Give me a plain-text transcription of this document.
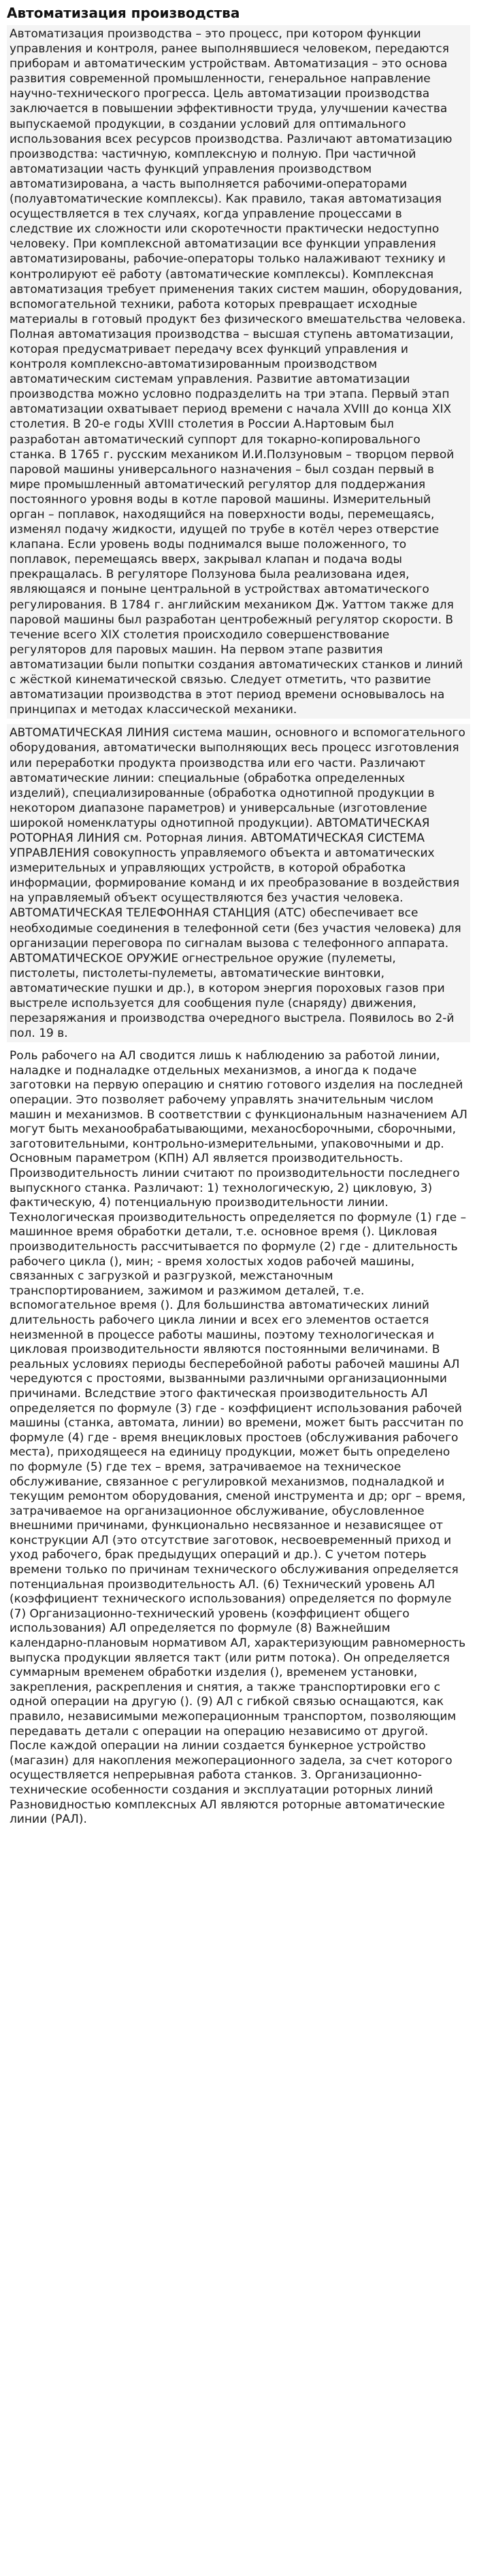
Автоматизация производства

Автоматизация производства – это процесс, при котором функции управления и контроля, ранее выполнявшиеся человеком, передаются приборам и автоматическим устройствам. Автоматизация – это основа развития современной промышленности, генеральное направление научно-технического прогресса. Цель автоматизации производства заключается в повышении эффективности труда, улучшении качества выпускаемой продукции, в создании условий для оптимального использования всех ресурсов производства. Различают автоматизацию производства: частичную, комплексную и полную. При частичной автоматизации часть функций управления производством автоматизирована, а часть выполняется рабочими-операторами (полуавтоматические комплексы). Как правило, такая автоматизация осуществляется в тех случаях, когда управление процессами в следствие их сложности или скоротечности практически недоступно человеку. При комплексной автоматизации все функции управления автоматизированы, рабочие-операторы только налаживают технику и контролируют её работу (автоматические комплексы). Комплексная автоматизация требует применения таких систем машин, оборудования, вспомогательной техники, работа которых превращает исходные материалы в готовый продукт без физического вмешательства человека. Полная автоматизация производства – высшая ступень автоматизации, которая предусматривает передачу всех функций управления и контроля комплексно-автоматизированным производством автоматическим системам управления. Развитие автоматизации производства можно условно подразделить на три этапа. Первый этап автоматизации охватывает период времени с начала XVIII до конца XIX столетия. В 20-е годы XVIII столетия в России А.Нартовым был разработан автоматический суппорт для токарно-копировального станка. В 1765 г. русским механиком И.И.Ползуновым – творцом первой паровой машины универсального назначения – был создан первый в мире промышленный автоматический регулятор для поддержания постоянного уровня воды в котле паровой машины. Измерительный орган – поплавок, находящийся на поверхности воды, перемещаясь, изменял подачу жидкости, идущей по трубе в котёл через отверстие клапана. Если уровень воды поднимался выше положенного, то поплавок, перемещаясь вверх, закрывал клапан и подача воды прекращалась. В регуляторе Ползунова была реализована идея, являющаяся и поныне центральной в устройствах автоматического регулирования. В 1784 г. английским механиком Дж. Уаттом также для паровой машины был разработан центробежный регулятор скорости. В течение всего XIX столетия происходило совершенствование регуляторов для паровых машин. На первом этапе развития автоматизации были попытки создания автоматических станков и линий с жёсткой кинематической связью. Следует отметить, что развитие автоматизации производства в этот период времени основывалось на принципах и методах классической механики.

АВТОМАТИЧЕСКАЯ ЛИНИЯ система машин, основного и вспомогательного оборудования, автоматически выполняющих весь процесс изготовления или переработки продукта производства или его части. Различают автоматические линии: специальные (обработка определенных изделий), специализированные (обработка однотипной продукции в некотором диапазоне параметров) и универсальные (изготовление широкой номенклатуры однотипной продукции). АВТОМАТИЧЕСКАЯ РОТОРНАЯ ЛИНИЯ см. Роторная линия. АВТОМАТИЧЕСКАЯ СИСТЕМА УПРАВЛЕНИЯ совокупность управляемого объекта и автоматических измерительных и управляющих устройств, в которой обработка информации, формирование команд и их преобразование в воздействия на управляемый объект осуществляются без участия человека. АВТОМАТИЧЕСКАЯ ТЕЛЕФОННАЯ СТАНЦИЯ (АТС) обеспечивает все необходимые соединения в телефонной сети (без участия человека) для организации переговора по сигналам вызова с телефонного аппарата. АВТОМАТИЧЕСКОЕ ОРУЖИЕ огнестрельное оружие (пулеметы, пистолеты, пистолеты-пулеметы, автоматические винтовки, автоматические пушки и др.), в котором энергия пороховых газов при выстреле используется для сообщения пуле (снаряду) движения, перезаряжания и производства очередного выстрела. Появилось во 2-й пол. 19 в.

Роль рабочего на АЛ сводится лишь к наблюдению за работой линии, наладке и подналадке отдельных механизмов, а иногда к подаче заготовки на первую операцию и снятию готового изделия на последней операции. Это позволяет рабочему управлять значительным числом машин и механизмов. В соответствии с функциональным назначением АЛ могут быть механообрабатывающими, механосборочными, сборочными, заготовительными, контрольно-измерительными, упаковочными и др. Основным параметром (КПН) АЛ является производительность. Производительность линии считают по производительности последнего выпускного станка. Различают: 1) технологическую, 2) цикловую, 3) фактическую, 4) потенциальную производительности линии. Технологическая производительность определяется по формуле (1) где – машинное время обработки детали, т.е. основное время (). Цикловая производительность рассчитывается по формуле (2) где - длительность рабочего цикла (), мин; - время холостых ходов рабочей машины, связанных с загрузкой и разгрузкой, межстаночным транспортированием, зажимом и разжимом деталей, т.е. вспомогательное время (). Для большинства автоматических линий длительность рабочего цикла линии и всех его элементов остается неизменной в процессе работы машины, поэтому технологическая и цикловая производительности являются постоянными величинами. В реальных условиях периоды бесперебойной работы рабочей машины АЛ чередуются с простоями, вызванными различными организационными причинами. Вследствие этого фактическая производительность АЛ определяется по формуле (3) где - коэффициент использования рабочей машины (станка, автомата, линии) во времени, может быть рассчитан по формуле (4) где - время внецикловых простоев (обслуживания рабочего места), приходящееся на единицу продукции, может быть определено по формуле (5) где тех – время, затрачиваемое на техническое обслуживание, связанное с регулировкой механизмов, подналадкой и текущим ремонтом оборудования, сменой инструмента и др; орг – время, затрачиваемое на организационное обслуживание, обусловленное внешними причинами, функционально несвязанное и независящее от конструкции АЛ (это отсутствие заготовок, несвоевременный приход и уход рабочего, брак предыдущих операций и др.). С учетом потерь времени только по причинам технического обслуживания определяется потенциальная производительность АЛ. (6) Технический уровень АЛ (коэффициент технического использования) определяется по формуле (7) Организационно-технический уровень (коэффициент общего использования) АЛ определяется по формуле (8) Важнейшим календарно-плановым нормативом АЛ, характеризующим равномерность выпуска продукции является такт (или ритм потока). Он определяется суммарным временем обработки изделия (), временем установки, закрепления, раскрепления и снятия, а также транспортировки его с одной операции на другую (). (9) АЛ с гибкой связью оснащаются, как правило, независимыми межоперационным транспортом, позволяющим передавать детали с операции на операцию независимо от другой. После каждой операции на линии создается бункерное устройство (магазин) для накопления межоперационного задела, за счет которого осуществляется непрерывная работа станков. 3. Организационно-технические особенности создания и эксплуатации роторных линий Разновидностью комплексных АЛ являются роторные автоматические линии (РАЛ).
